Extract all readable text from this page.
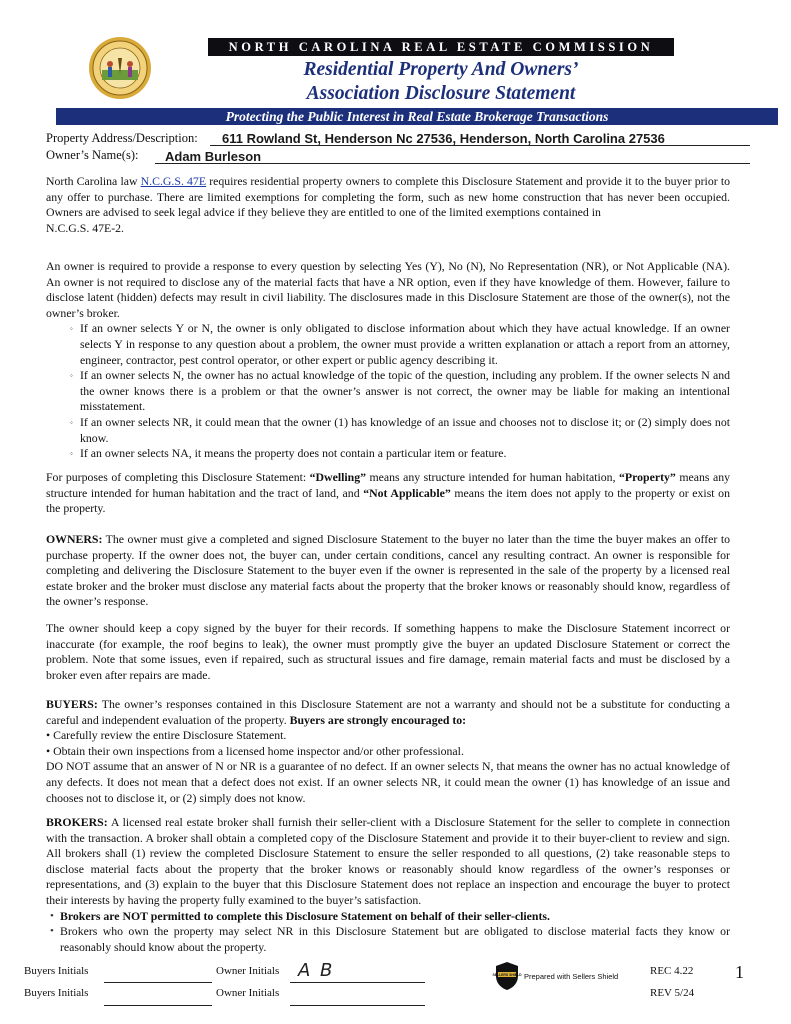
NORTH CAROLINA REAL ESTATE COMMISSION
Residential Property And Owners’
Association Disclosure Statement
Protecting the Public Interest in Real Estate Brokerage Transactions
Property Address/Description: 611 Rowland St, Henderson Nc 27536, Henderson, North Carolina 27536
Owner’s Name(s): Adam Burleson

North Carolina law N.C.G.S. 47E requires residential property owners to complete this Disclosure Statement and provide it to the buyer prior to any offer to purchase. There are limited exemptions for completing the form, such as new home construction that has never been occupied. Owners are advised to seek legal advice if they believe they are entitled to one of the limited exemptions contained in

N.C.G.S. 47E-2.

An owner is required to provide a response to every question by selecting Yes (Y), No (N), No Representation (NR), or Not Applicable (NA). An owner is not required to disclose any of the material facts that have a NR option, even if they have knowledge of them. However, failure to disclose latent (hidden) defects may result in civil liability. The disclosures made in this Disclosure Statement are those of the owner(s), not the owner’s broker.

◦ If an owner selects Y or N, the owner is only obligated to disclose information about which they have actual knowledge. If an owner selects Y in response to any question about a problem, the owner must provide a written explanation or attach a report from an attorney, engineer, contractor, pest control operator, or other expert or public agency describing it.

◦ If an owner selects N, the owner has no actual knowledge of the topic of the question, including any problem. If the owner selects N and the owner knows there is a problem or that the owner’s answer is not correct, the owner may be liable for making an intentional misstatement.

◦ If an owner selects NR, it could mean that the owner (1) has knowledge of an issue and chooses not to disclose it; or (2) simply does not know.

◦ If an owner selects NA, it means the property does not contain a particular item or feature.

For purposes of completing this Disclosure Statement: “Dwelling” means any structure intended for human habitation, “Property” means any structure intended for human habitation and the tract of land, and “Not Applicable” means the item does not apply to the property or exist on the property.

OWNERS: The owner must give a completed and signed Disclosure Statement to the buyer no later than the time the buyer makes an offer to purchase property. If the owner does not, the buyer can, under certain conditions, cancel any resulting contract. An owner is responsible for completing and delivering the Disclosure Statement to the buyer even if the owner is represented in the sale of the property by a licensed real estate broker and the broker must disclose any material facts about the property that the broker knows or reasonably should know, regardless of the owner’s response.

The owner should keep a copy signed by the buyer for their records. If something happens to make the Disclosure Statement incorrect or inaccurate (for example, the roof begins to leak), the owner must promptly give the buyer an updated Disclosure Statement or correct the problem. Note that some issues, even if repaired, such as structural issues and fire damage, remain material facts and must be disclosed by a broker even after repairs are made.

BUYERS: The owner’s responses contained in this Disclosure Statement are not a warranty and should not be a substitute for conducting a careful and independent evaluation of the property. Buyers are strongly encouraged to:

• Carefully review the entire Disclosure Statement.

• Obtain their own inspections from a licensed home inspector and/or other professional.

DO NOT assume that an answer of N or NR is a guarantee of no defect. If an owner selects N, that means the owner has no actual knowledge of any defects. It does not mean that a defect does not exist. If an owner selects NR, it could mean the owner (1) has knowledge of an issue and chooses not to disclose it, or (2) simply does not know.

BROKERS: A licensed real estate broker shall furnish their seller-client with a Disclosure Statement for the seller to complete in connection with the transaction. A broker shall obtain a completed copy of the Disclosure Statement and provide it to their buyer-client to review and sign. All brokers shall (1) review the completed Disclosure Statement to ensure the seller responded to all questions, (2) take reasonable steps to disclose material facts about the property that the broker knows or reasonably should know regardless of the owner’s responses or representations, and (3) explain to the buyer that this Disclosure Statement does not replace an inspection and encourage the buyer to protect their interests by having the property fully examined to the buyer’s satisfaction.

• Brokers are NOT permitted to complete this Disclosure Statement on behalf of their seller-clients.

• Brokers who own the property may select NR in this Disclosure Statement but are obligated to disclose material facts they know or reasonably should know about the property.

Buyers Initials	Owner Initials A B
Buyers Initials	Owner Initials
SELLERS SHIELD Prepared with Sellers Shield	REC 4.22
REV 5/24
1
